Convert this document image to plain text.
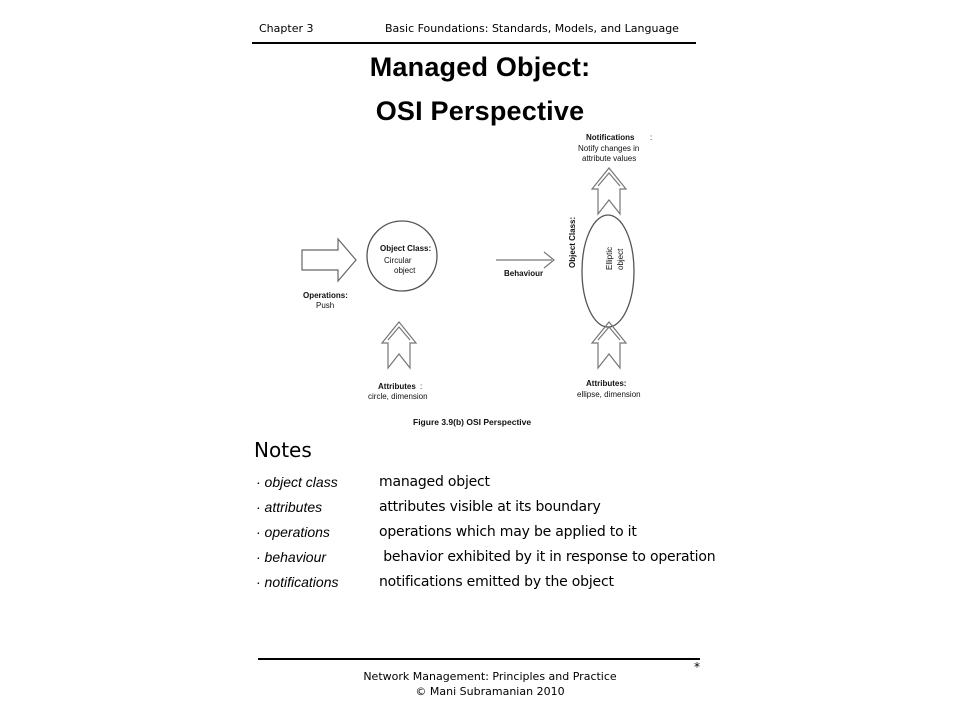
Chapter 3	Basic Foundations: Standards, Models, and Language
Managed Object:
OSI Perspective
Notifications :
Notify changes in
attribute values
Object Class:
Circular
object
Object Class:	Elliptic object
Behaviour
Operations:
Push
Attributes :
circle, dimension
Attributes:
ellipse, dimension
Figure 3.9(b) OSI Perspective
Notes
· object class	managed object
· attributes	attributes visible at its boundary
· operations	operations which may be applied to it
· behaviour	behavior exhibited by it in response to operation
· notifications	notifications emitted by the object
*
Network Management: Principles and Practice
© Mani Subramanian 2010
